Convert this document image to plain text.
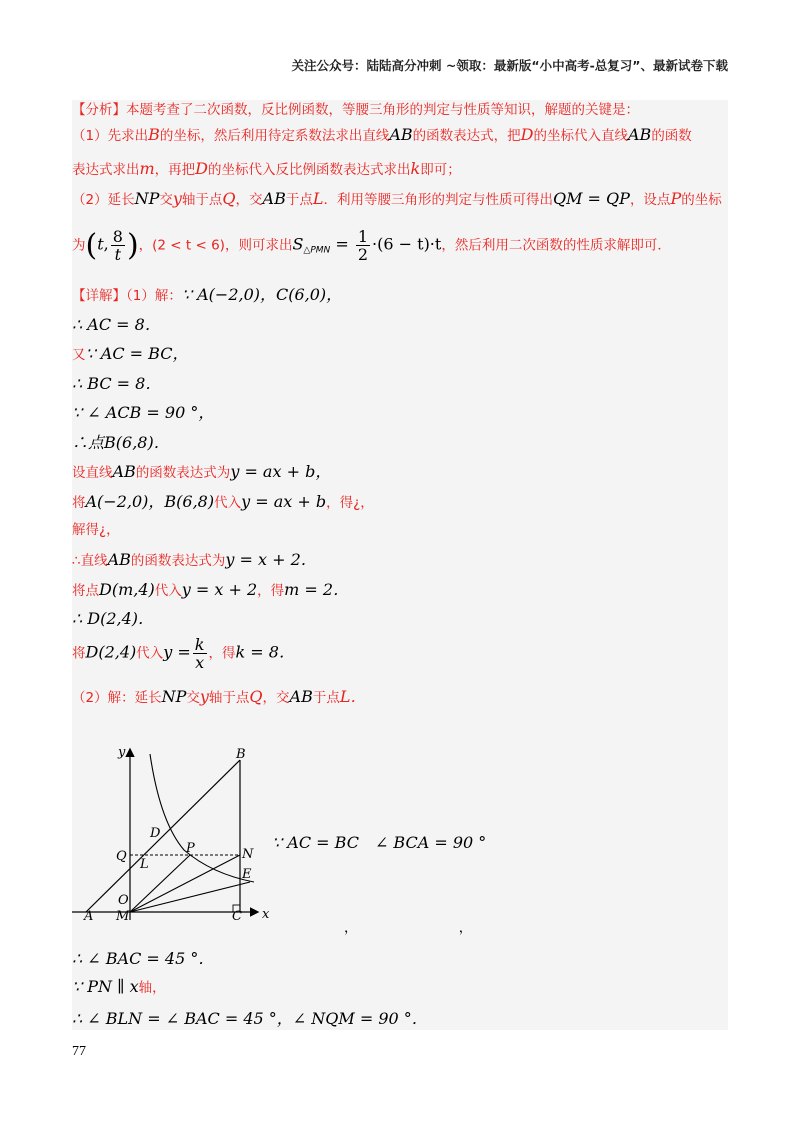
关注公众号：陆陆高分冲刺 ~领取：最新版“小中高考-总复习”、最新试卷下载
【分析】本题考查了二次函数，反比例函数，等腰三角形的判定与性质等知识，解题的关键是：
（1）先求出B的坐标，然后利用待定系数法求出直线AB的函数表达式，把D的坐标代入直线AB的函数
表达式求出m，再把D的坐标代入反比例函数表达式求出k即可；
（2）延长NP交y轴于点Q，交AB于点L．利用等腰三角形的判定与性质可得出QM = QP，设点P的坐标
为(t, $\frac{8}{t}$ )，(2 < t < 6)，则可求出$S_{\triangle PMN} = \frac{1}{2} \cdot(6 - t)\cdot t$，然后利用二次函数的性质求解即可．
【详解】（1）解：∵ A(−2,0)，C(6,0)，
∴ AC = 8．
又∵ AC = BC，
∴ BC = 8．
∵ ∠ ACB = 90 °，
∴点B(6,8)．
设直线AB的函数表达式为y = ax + b，
将A(−2,0)，B(6,8)代入y = ax + b，得¿，
解得¿，
∴直线AB的函数表达式为y = x + 2．
将点D(m,4)代入y = x + 2，得m = 2．
∴ D(2,4)．
将D(2,4)代入$y = \frac{k}{x}$ ，得k = 8．
（2）解：延长NP交y轴于点Q，交AB于点L．
∵ AC = BC　∠ BCA = 90 °
，　　　　　　　　，
∴ ∠ BAC = 45 °．
∵ PN ∥ x轴，
∴ ∠ BLN = ∠ BAC = 45 °，∠ NQM = 90 °．
y
x
B
D
P
Q
L
N
E
O
A M	C
77
